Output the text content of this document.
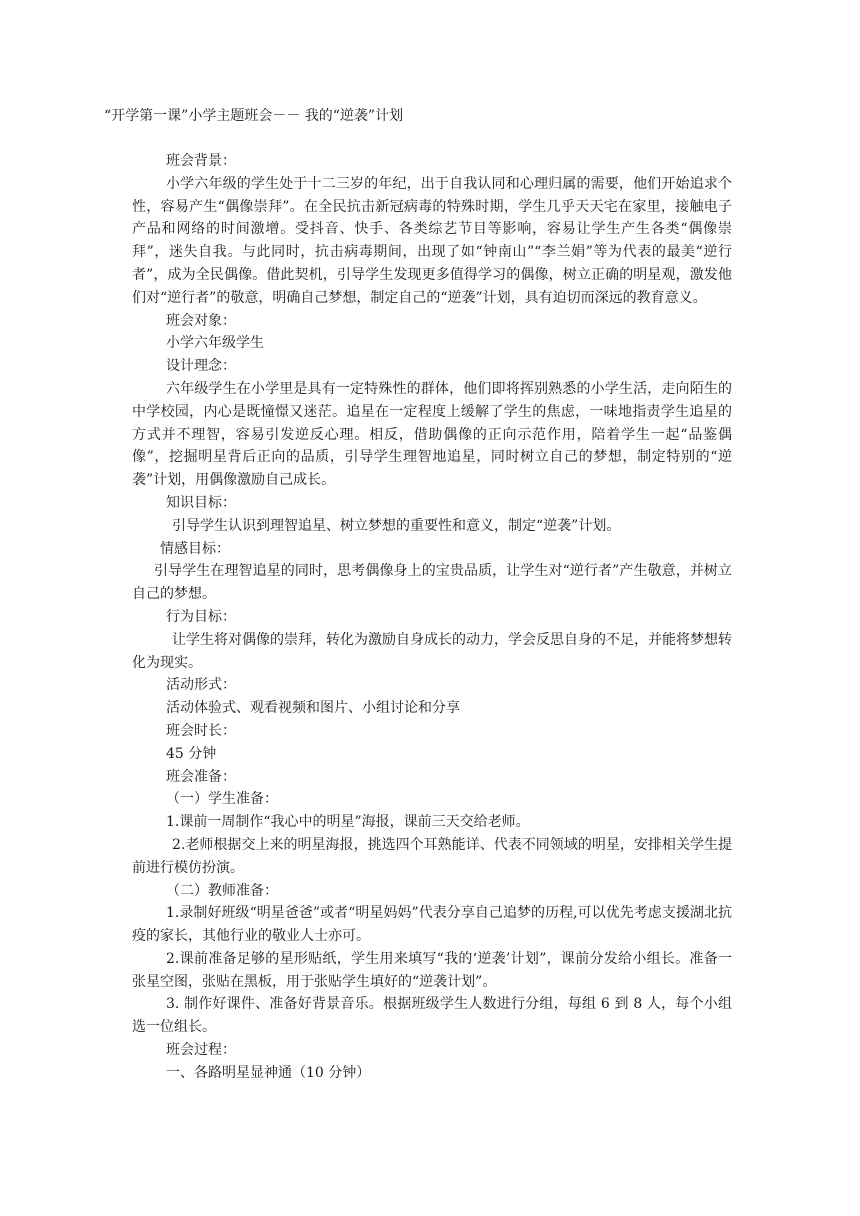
“开学第一课”小学主题班会－－ 我的“逆袭”计划

班会背景：

小学六年级的学生处于十二三岁的年纪，出于自我认同和心理归属的需要，他们开始追求个性，容易产生“偶像崇拜”。在全民抗击新冠病毒的特殊时期，学生几乎天天宅在家里，接触电子产品和网络的时间激增。受抖音、快手、各类综艺节目等影响，容易让学生产生各类“偶像崇拜”，迷失自我。与此同时，抗击病毒期间，出现了如“钟南山”“李兰娟”等为代表的最美“逆行者”，成为全民偶像。借此契机，引导学生发现更多值得学习的偶像，树立正确的明星观，激发他们对“逆行者”的敬意，明确自己梦想，制定自己的“逆袭”计划，具有迫切而深远的教育意义。

班会对象：

小学六年级学生

设计理念：

六年级学生在小学里是具有一定特殊性的群体，他们即将挥别熟悉的小学生活，走向陌生的中学校园，内心是既憧憬又迷茫。追星在一定程度上缓解了学生的焦虑，一味地指责学生追星的方式并不理智，容易引发逆反心理。相反，借助偶像的正向示范作用，陪着学生一起“品鉴偶像”，挖掘明星背后正向的品质，引导学生理智地追星，同时树立自己的梦想，制定特别的“逆袭”计划，用偶像激励自己成长。

知识目标：

引导学生认识到理智追星、树立梦想的重要性和意义，制定“逆袭”计划。

情感目标：

引导学生在理智追星的同时，思考偶像身上的宝贵品质，让学生对“逆行者”产生敬意，并树立自己的梦想。

行为目标：

让学生将对偶像的崇拜，转化为激励自身成长的动力，学会反思自身的不足，并能将梦想转化为现实。

活动形式：

活动体验式、观看视频和图片、小组讨论和分享

班会时长：

45 分钟

班会准备：

（一）学生准备：

1.课前一周制作“我心中的明星”海报，课前三天交给老师。

2.老师根据交上来的明星海报，挑选四个耳熟能详、代表不同领域的明星，安排相关学生提前进行模仿扮演。

（二）教师准备：

1.录制好班级“明星爸爸”或者“明星妈妈”代表分享自己追梦的历程,可以优先考虑支援湖北抗疫的家长，其他行业的敬业人士亦可。

2.课前准备足够的星形贴纸，学生用来填写“我的‘逆袭’计划”，课前分发给小组长。准备一张星空图，张贴在黑板，用于张贴学生填好的“逆袭计划”。

3. 制作好课件、准备好背景音乐。根据班级学生人数进行分组，每组 6 到 8 人，每个小组选一位组长。

班会过程：

一、各路明星显神通（10 分钟）
